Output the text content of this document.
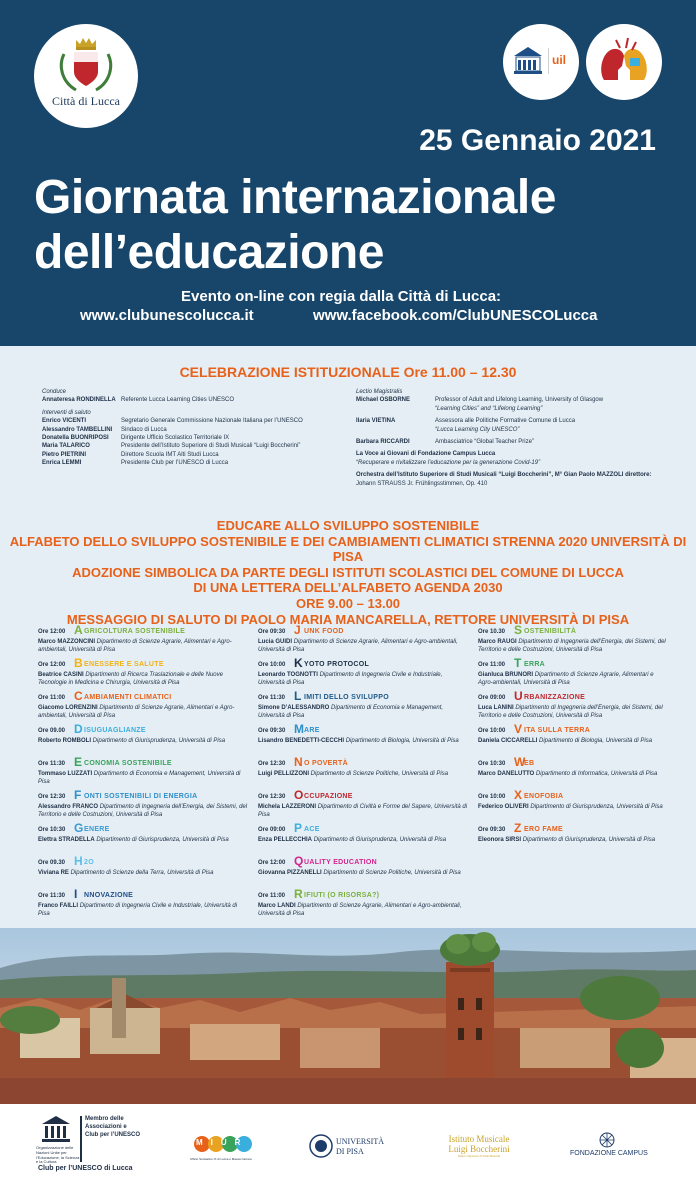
Città di Lucca
uil
25 Gennaio 2021
Giornata internazionale
dell’educazione
Evento on-line con regia dalla Città di Lucca:
www.clubunescolucca.it	www.facebook.com/ClubUNESCOLucca
CELEBRAZIONE ISTITUZIONALE Ore 11.00 – 12.30
Conduce
Annateresa RONDINELLA Referente Lucca Learning Cities UNESCO
Interventi di saluto
Enrico VICENTI	Segretario Generale Commissione Nazionale Italiana per l’UNESCO
Alessandro TAMBELLINI	Sindaco di Lucca
Donatella BUONRIPOSI	Dirigente Ufficio Scolastico Territoriale IX
Maria TALARICO	Presidente dell’Istituto Superiore di Studi Musicali “Luigi Boccherini”
Pietro PIETRINI	Direttore Scuola IMT Alti Studi Lucca
Enrica LEMMI	Presidente Club per l’UNESCO di Lucca
Lectio Magistralis
Michael OSBORNE	Professor of Adult and Lifelong Learning, University of Glasgow
“Learning Cities” and “Lifelong Learning”
Ilaria VIETINA	Assessora alle Politiche Formative Comune di Lucca
“Lucca Learning City UNESCO”
Barbara RICCARDI	Ambasciatrice “Global Teacher Prize”
La Voce ai Giovani di Fondazione Campus Lucca
“Recuperare e rivitalizzare l’educazione per la generazione Covid-19”
Orchestra dell’Istituto Superiore di Studi Musicali “Luigi Boccherini”, M° Gian Paolo MAZZOLI direttore:
Johann STRAUSS Jr. Frühlingsstimmen, Op. 410
EDUCARE ALLO SVILUPPO SOSTENIBILE
ALFABETO DELLO SVILUPPO SOSTENIBILE E DEI CAMBIAMENTI CLIMATICI STRENNA 2020 UNIVERSITÀ DI PISA
ADOZIONE SIMBOLICA DA PARTE DEGLI ISTITUTI SCOLASTICI DEL COMUNE DI LUCCA
DI UNA LETTERA DELL’ALFABETO AGENDA 2030
ORE 9.00 – 13.00
MESSAGGIO DI SALUTO DI PAOLO MARIA MANCARELLA, RETTORE UNIVERSITÀ DI PISA
Ore 12:00 A GRICOLTURA SOSTENIBILE
Marco MAZZONCINI Dipartimento di Scienze Agrarie, Alimentari e Agro-ambientali, Università di Pisa
Ore 12:00 B ENESSERE E SALUTE
Beatrice CASINI Dipartimento di Ricerca Traslazionale e delle Nuove Tecnologie in Medicina e Chirurgia, Università di Pisa
Ore 11:00 C AMBIAMENTI CLIMATICI
Giacomo LORENZINI Dipartimento di Scienze Agrarie, Alimentari e Agro-ambientali, Università di Pisa
Ore 09.00 D ISUGUAGLIANZE
Roberto ROMBOLI Dipartimento di Giurisprudenza, Università di Pisa
Ore 11:30 E CONOMIA SOSTENIBILE
Tommaso LUZZATI Dipartimento di Economia e Management, Università di Pisa
Ore 12:30 F ONTI SOSTENIBILI DI ENERGIA
Alessandro FRANCO Dipartimento di Ingegneria dell’Energia, dei Sistemi, del Territorio e delle Costruzioni, Università di Pisa
Ore 10:30 G ENERE
Elettra STRADELLA Dipartimento di Giurisprudenza, Università di Pisa
Ore 09.30 H 2O
Viviana RE Dipartimento di Scienze della Terra, Università di Pisa
Ore 11:30 I NNOVAZIONE
Franco FAILLI Dipartimento di Ingegneria Civile e Industriale, Università di Pisa
Ore 09:30 J UNK FOOD
Lucia GUIDI Dipartimento di Scienze Agrarie, Alimentari e Agro-ambientali, Università di Pisa
Ore 10:00 K YOTO PROTOCOL
Leonardo TOGNOTTI Dipartimento di Ingegneria Civile e Industriale, Università di Pisa
Ore 11:30 L IMITI DELLO SVILUPPO
Simone D’ALESSANDRO Dipartimento di Economia e Management, Università di Pisa
Ore 09:30 M ARE
Lisandro BENEDETTI-CECCHI Dipartimento di Biologia, Università di Pisa
Ore 12:30 N O POVERTÀ
Luigi PELLIZZONI Dipartimento di Scienze Politiche, Università di Pisa
Ore 12:30 O CCUPAZIONE
Michela LAZZERONI Dipartimento di Civiltà e Forme del Sapere, Università di Pisa
Ore 09:00 P ACE
Enza PELLECCHIA Dipartimento di Giurisprudenza, Università di Pisa
Ore 12:00 Q UALITY EDUCATION
Giovanna PIZZANELLI Dipartimento di Scienze Politiche, Università di Pisa
Ore 11:00 R IFIUTI (O RISORSA?)
Marco LANDI Dipartimento di Scienze Agrarie, Alimentari e Agro-ambientali, Università di Pisa
Ore 10.30 S OSTENIBILITÀ
Marco RAUGI Dipartimento di Ingegneria dell’Energia, dei Sistemi, del Territorio e delle Costruzioni, Università di Pisa
Ore 11:00 T ERRA
Gianluca BRUNORI Dipartimento di Scienze Agrarie, Alimentari e Agro-ambientali, Università di Pisa
Ore 09:00 U RBANIZZAZIONE
Luca LANINI Dipartimento di Ingegneria dell’Energia, dei Sistemi, del Territorio e delle Costruzioni, Università di Pisa
Ore 10:00 V ITA SULLA TERRA
Daniela CICCARELLI Dipartimento di Biologia, Università di Pisa
Ore 10:30 W
EB
Marco DANELUTTO Dipartimento di Informatica, Università di Pisa
Ore 10:00 X ENOFOBIA
Federico OLIVERI Dipartimento di Giurisprudenza, Università di Pisa
Ore 09:30 Z ERO FAME
Eleonora SIRSI Dipartimento di Giurisprudenza, Università di Pisa
Organizzazione delle Nazioni Unite per l’Educazione, la Scienza e la Cultura
Membro delle
Associazioni e
Club per l’UNESCO
Club per l’UNESCO di Lucca
MIUR
Ufficio Scolastico IX di Lucca e Massa Carrara
UNIVERSITÀ
DI PISA
Istituto Musicale
Luigi Boccherini
Istituto Superiore di Studi Musicali	FONDAZIONE CAMPUS
